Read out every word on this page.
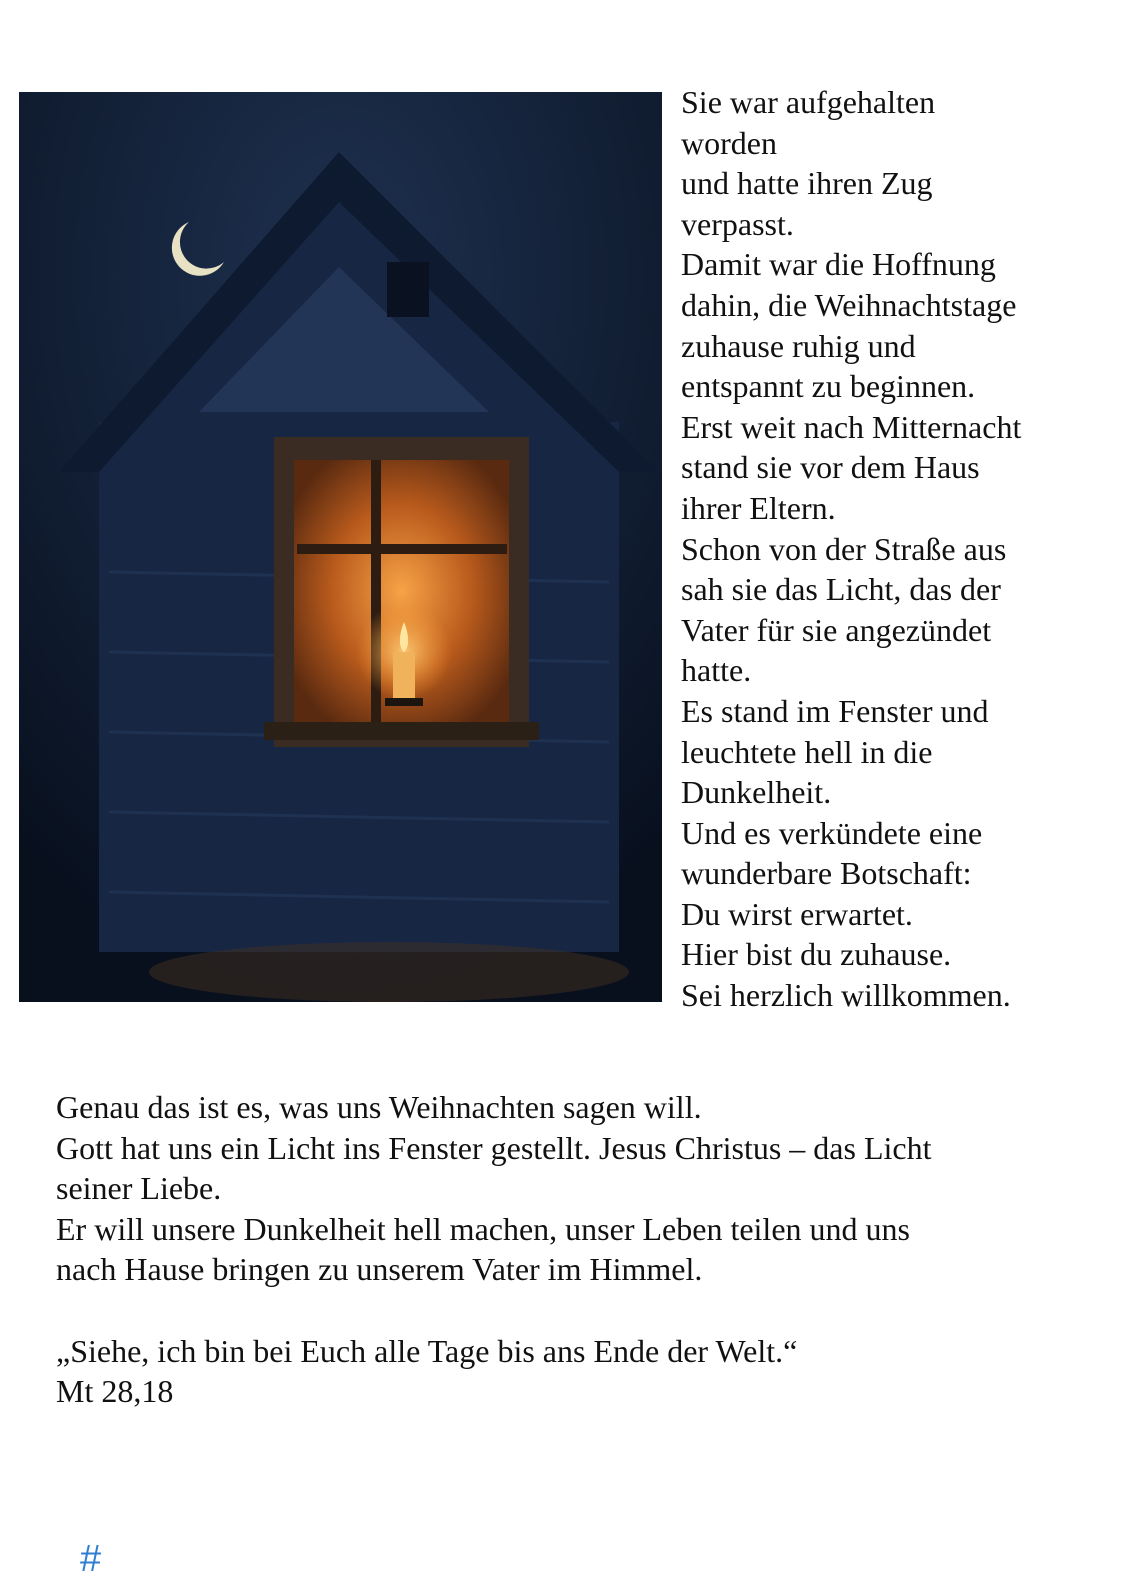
Sie war aufgehalten
worden
und hatte ihren Zug
verpasst.
Damit war die Hoffnung
dahin, die Weihnachtstage
zuhause ruhig und
entspannt zu beginnen.
Erst weit nach Mitternacht
stand sie vor dem Haus
ihrer Eltern.
Schon von der Straße aus
sah sie das Licht, das der
Vater für sie angezündet
hatte.
Es stand im Fenster und
leuchtete hell in die
Dunkelheit.
Und es verkündete eine
wunderbare Botschaft:
Du wirst erwartet.
Hier bist du zuhause.
Sei herzlich willkommen.
Genau das ist es, was uns Weihnachten sagen will.
Gott hat uns ein Licht ins Fenster gestellt. Jesus Christus – das Licht
seiner Liebe.
Er will unsere Dunkelheit hell machen, unser Leben teilen und uns
nach Hause bringen zu unserem Vater im Himmel.
„Siehe, ich bin bei Euch alle Tage bis ans Ende der Welt.“
Mt 28,18
#
